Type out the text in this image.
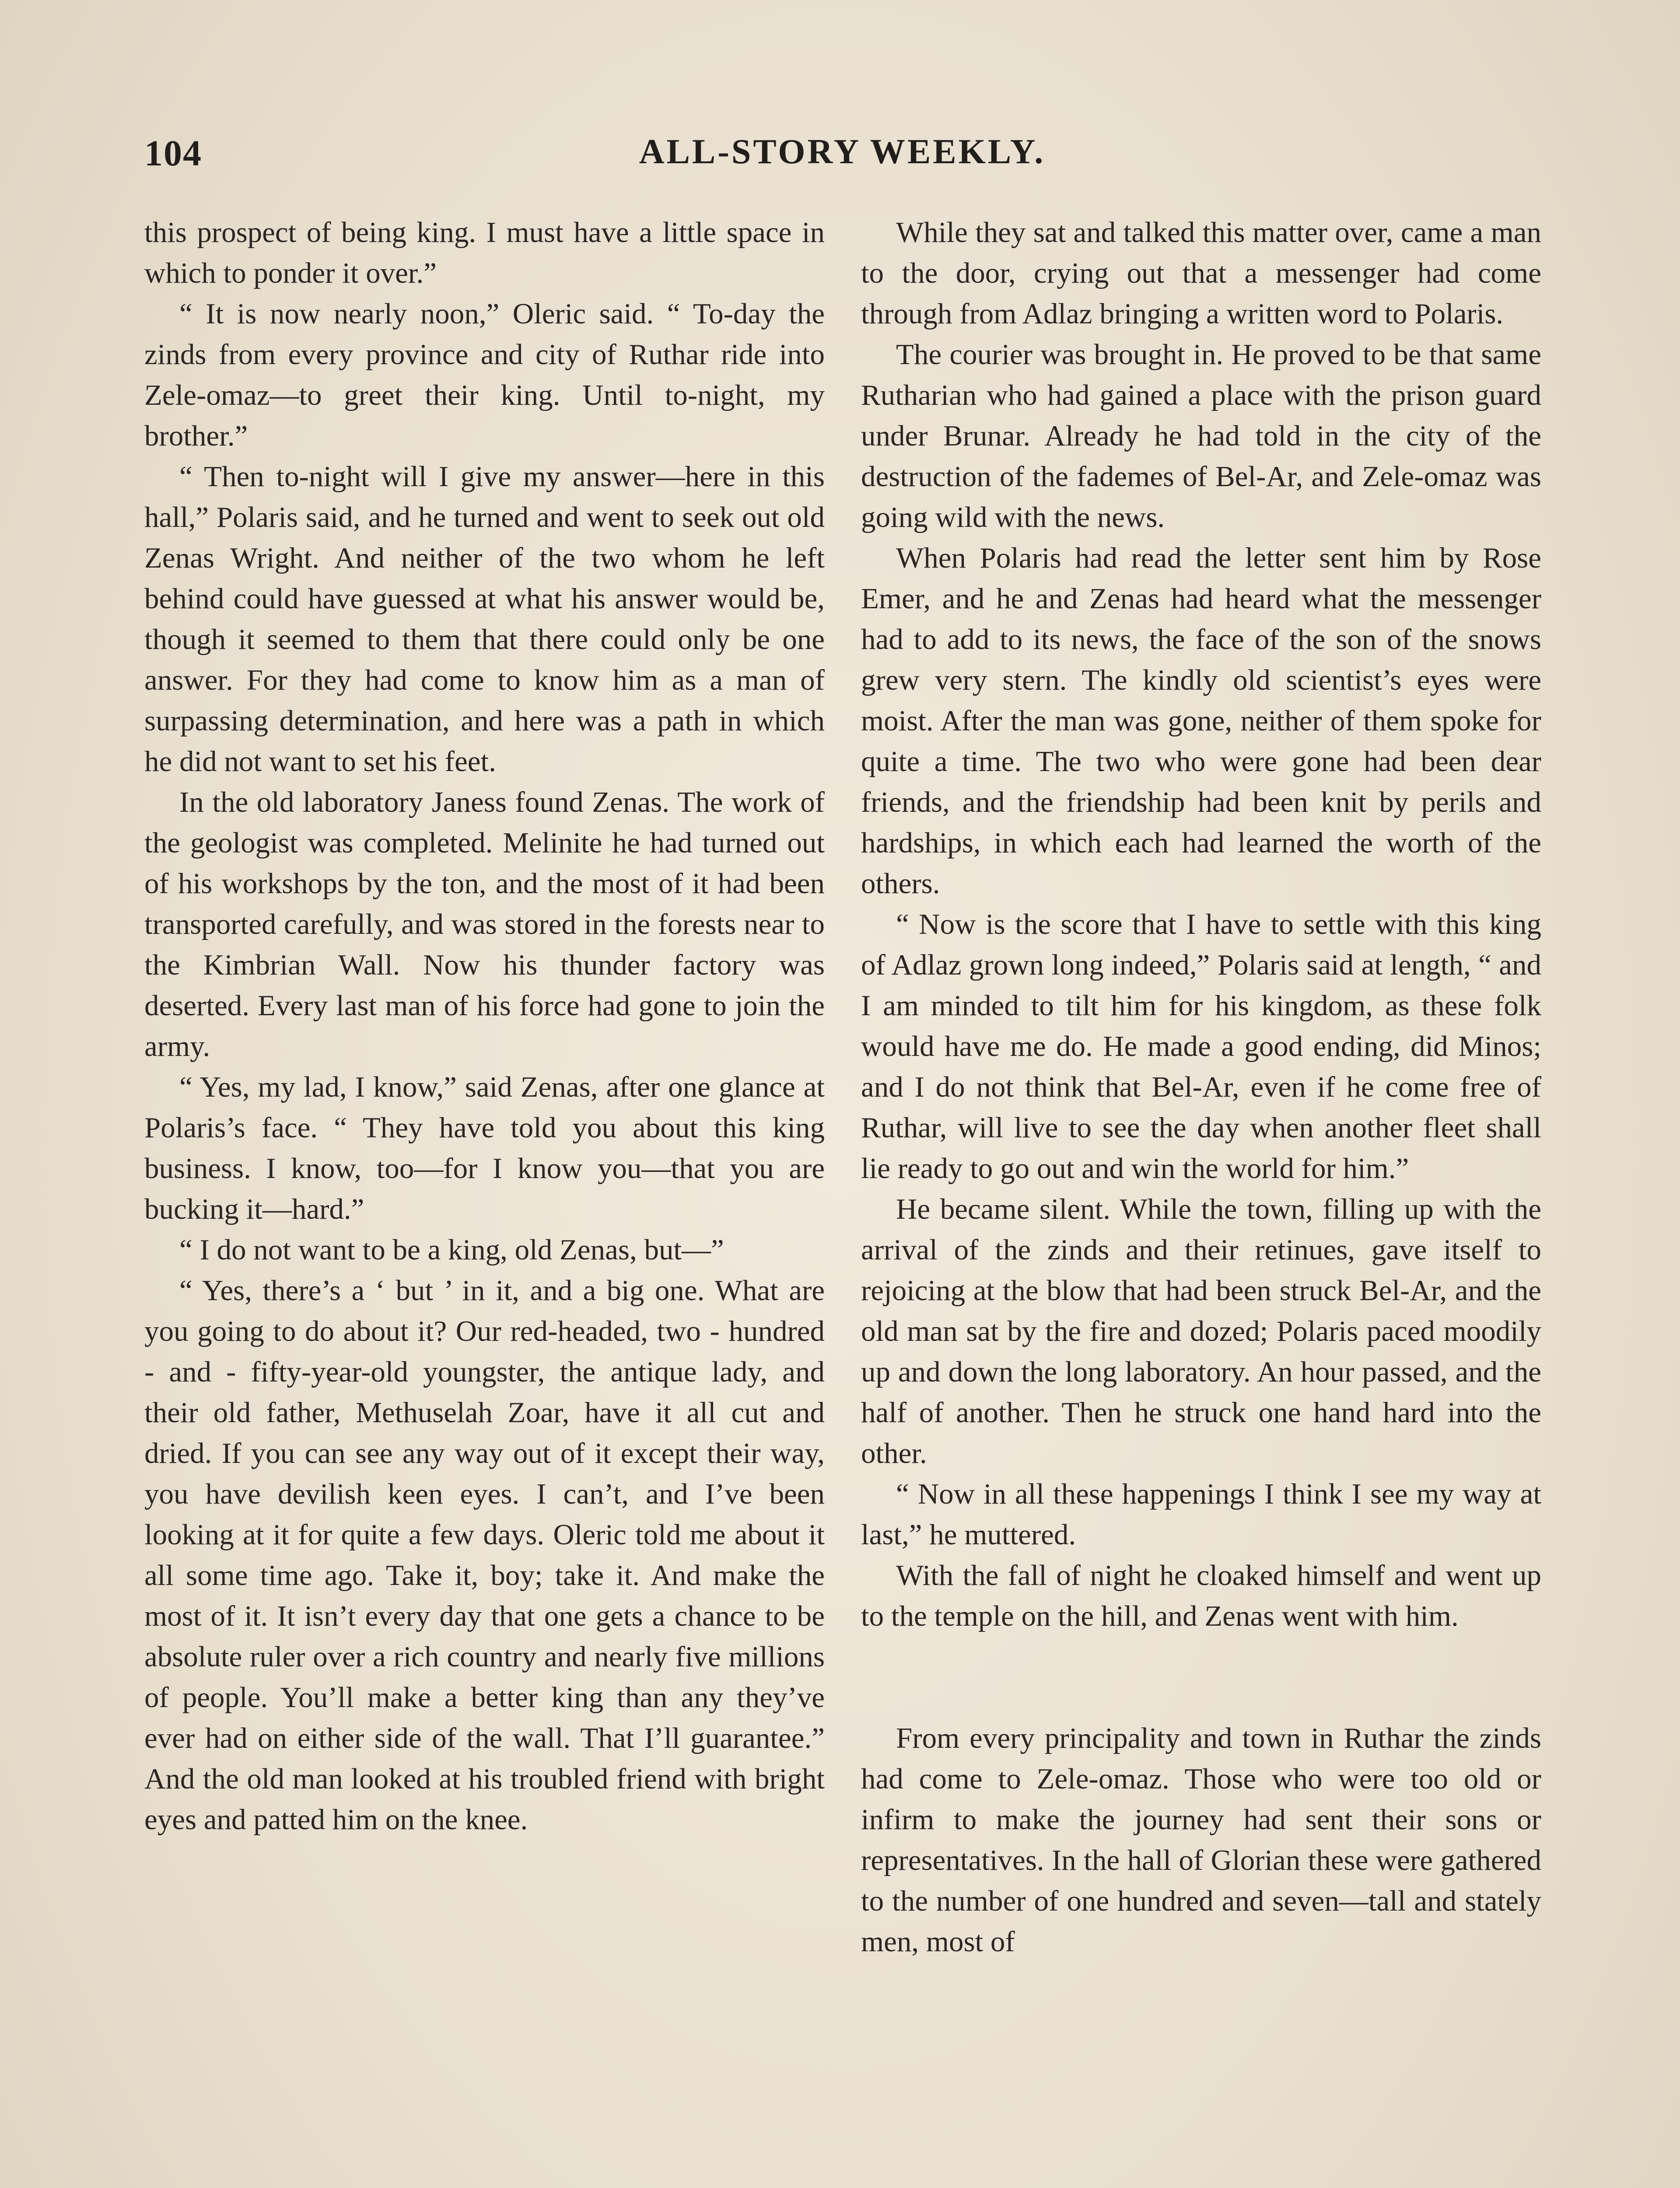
104	ALL-STORY WEEKLY.

this prospect of being king. I must have a little space in which to ponder it over.”

“ It is now nearly noon,” Oleric said. “ To-day the zinds from every province and city of Ruthar ride into Zele-omaz—to greet their king. Until to-night, my brother.”

“ Then to-night will I give my answer—here in this hall,” Polaris said, and he turned and went to seek out old Zenas Wright. And neither of the two whom he left behind could have guessed at what his answer would be, though it seemed to them that there could only be one answer. For they had come to know him as a man of surpassing determination, and here was a path in which he did not want to set his feet.

In the old laboratory Janess found Zenas. The work of the geologist was completed. Melinite he had turned out of his workshops by the ton, and the most of it had been transported carefully, and was stored in the forests near to the Kimbrian Wall. Now his thunder factory was deserted. Every last man of his force had gone to join the army.

“ Yes, my lad, I know,” said Zenas, after one glance at Polaris’s face. “ They have told you about this king business. I know, too—for I know you—that you are bucking it—hard.”

“ I do not want to be a king, old Zenas, but—”

“ Yes, there’s a ‘ but ’ in it, and a big one. What are you going to do about it? Our red-headed, two - hundred - and - fifty-year-old youngster, the antique lady, and their old father, Methuselah Zoar, have it all cut and dried. If you can see any way out of it except their way, you have devilish keen eyes. I can’t, and I’ve been looking at it for quite a few days. Oleric told me about it all some time ago. Take it, boy; take it. And make the most of it. It isn’t every day that one gets a chance to be absolute ruler over a rich country and nearly five millions of people. You’ll make a better king than any they’ve ever had on either side of the wall. That I’ll guarantee.” And the old man looked at his troubled friend with bright eyes and patted him on the knee.

While they sat and talked this matter over, came a man to the door, crying out that a messenger had come through from Adlaz bringing a written word to Polaris.

The courier was brought in. He proved to be that same Rutharian who had gained a place with the prison guard under Brunar. Already he had told in the city of the destruction of the fademes of Bel-Ar, and Zele-omaz was going wild with the news.

When Polaris had read the letter sent him by Rose Emer, and he and Zenas had heard what the messenger had to add to its news, the face of the son of the snows grew very stern. The kindly old scientist’s eyes were moist. After the man was gone, neither of them spoke for quite a time. The two who were gone had been dear friends, and the friendship had been knit by perils and hardships, in which each had learned the worth of the others.

“ Now is the score that I have to settle with this king of Adlaz grown long indeed,” Polaris said at length, “ and I am minded to tilt him for his kingdom, as these folk would have me do. He made a good ending, did Minos; and I do not think that Bel-Ar, even if he come free of Ruthar, will live to see the day when another fleet shall lie ready to go out and win the world for him.”

He became silent. While the town, filling up with the arrival of the zinds and their retinues, gave itself to rejoicing at the blow that had been struck Bel-Ar, and the old man sat by the fire and dozed; Polaris paced moodily up and down the long laboratory. An hour passed, and the half of another. Then he struck one hand hard into the other.

“ Now in all these happenings I think I see my way at last,” he muttered.

With the fall of night he cloaked himself and went up to the temple on the hill, and Zenas went with him.

From every principality and town in Ruthar the zinds had come to Zele-omaz. Those who were too old or infirm to make the journey had sent their sons or representatives. In the hall of Glorian these were gathered to the number of one hundred and seven—tall and stately men, most of
